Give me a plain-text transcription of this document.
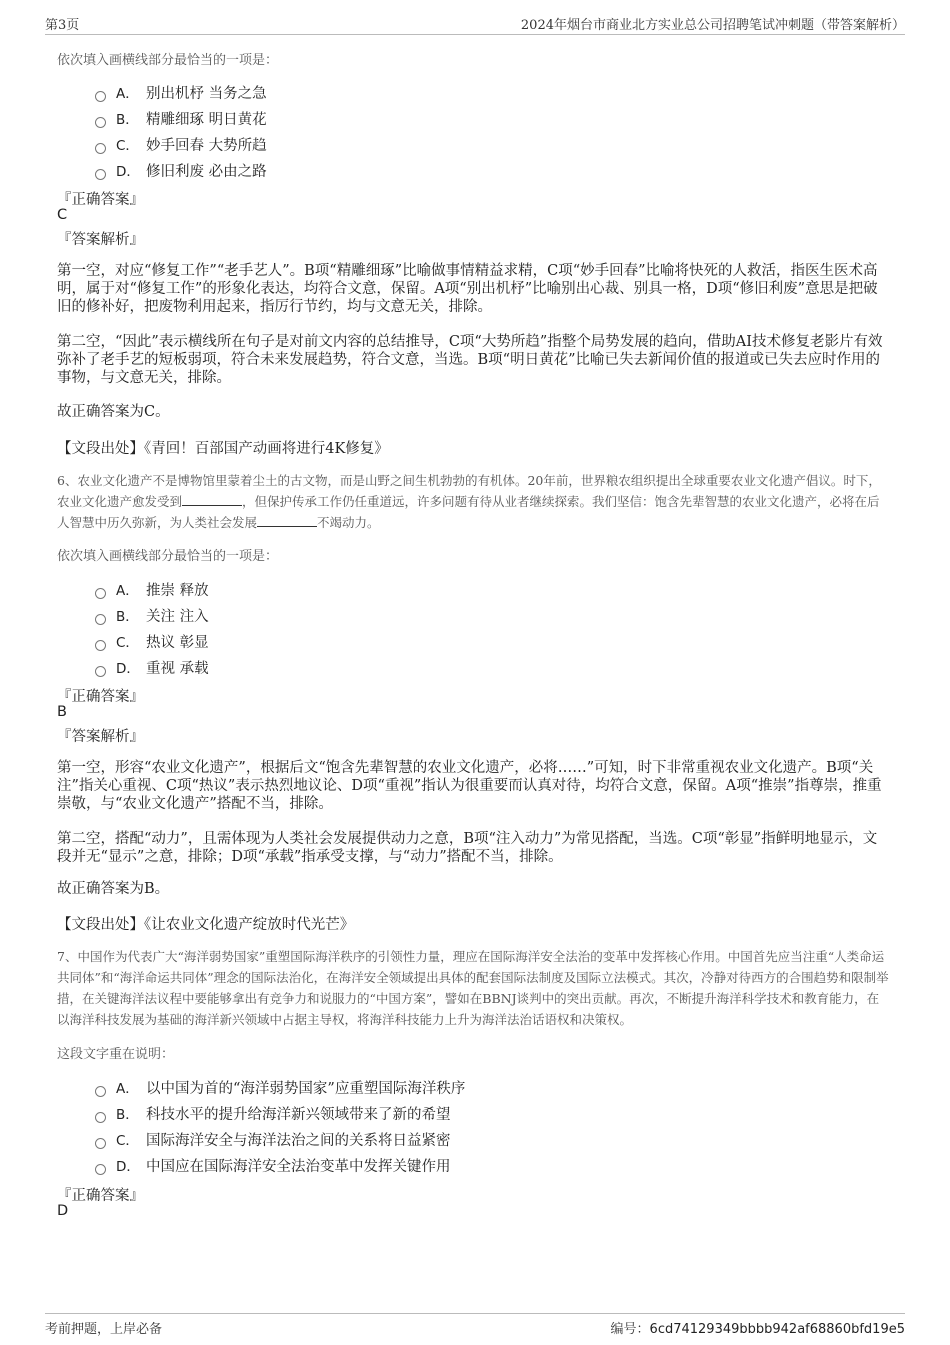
第3页	2024年烟台市商业北方实业总公司招聘笔试冲刺题（带答案解析）
依次填入画横线部分最恰当的一项是：
A． 别出机杼 当务之急
B． 精雕细琢 明日黄花
C． 妙手回春 大势所趋
D． 修旧利废 必由之路
『正确答案』
C
『答案解析』
第一空，对应“修复工作”“老手艺人”。B项“精雕细琢”比喻做事情精益求精，C项“妙手回春”比喻将快死的人救活，指医生医术高明，属于对“修复工作”的形象化表达，均符合文意，保留。A项“别出机杼”比喻别出心裁、别具一格，D项“修旧利废”意思是把破旧的修补好，把废物利用起来，指厉行节约，均与文意无关，排除。
第二空，“因此”表示横线所在句子是对前文内容的总结推导，C项“大势所趋”指整个局势发展的趋向，借助AI技术修复老影片有效弥补了老手艺的短板弱项，符合未来发展趋势，符合文意，当选。B项“明日黄花”比喻已失去新闻价值的报道或已失去应时作用的事物，与文意无关，排除。
故正确答案为C。
【文段出处】《青回！百部国产动画将进行4K修复》
6、农业文化遗产不是博物馆里蒙着尘土的古文物，而是山野之间生机勃勃的有机体。20年前，世界粮农组织提出全球重要农业文化遗产倡议。时下，农业文化遗产愈发受到	，但保护传承工作仍任重道远，许多问题有待从业者继续探索。我们坚信：饱含先辈智慧的农业文化遗产，必将在后人智慧中历久弥新，为人类社会发展	不竭动力。
依次填入画横线部分最恰当的一项是：
A． 推崇 释放
B． 关注 注入
C． 热议 彰显
D． 重视 承载
『正确答案』
B
『答案解析』
第一空，形容“农业文化遗产”，根据后文“饱含先辈智慧的农业文化遗产，必将……”可知，时下非常重视农业文化遗产。B项“关注”指关心重视、C项“热议”表示热烈地议论、D项“重视”指认为很重要而认真对待，均符合文意，保留。A项“推崇”指尊崇，推重崇敬，与“农业文化遗产”搭配不当，排除。
第二空，搭配“动力”，且需体现为人类社会发展提供动力之意，B项“注入动力”为常见搭配，当选。C项“彰显”指鲜明地显示，文段并无“显示”之意，排除；D项“承载”指承受支撑，与“动力”搭配不当，排除。
故正确答案为B。
【文段出处】《让农业文化遗产绽放时代光芒》
7、中国作为代表广大“海洋弱势国家”重塑国际海洋秩序的引领性力量，理应在国际海洋安全法治的变革中发挥核心作用。中国首先应当注重“人类命运共同体”和“海洋命运共同体”理念的国际法治化，在海洋安全领域提出具体的配套国际法制度及国际立法模式。其次，冷静对待西方的合围趋势和限制举措，在关键海洋法议程中要能够拿出有竞争力和说服力的“中国方案”，譬如在BBNJ谈判中的突出贡献。再次，不断提升海洋科学技术和教育能力，在以海洋科技发展为基础的海洋新兴领域中占据主导权，将海洋科技能力上升为海洋法治话语权和决策权。
这段文字重在说明：
A． 以中国为首的“海洋弱势国家”应重塑国际海洋秩序
B． 科技水平的提升给海洋新兴领域带来了新的希望
C． 国际海洋安全与海洋法治之间的关系将日益紧密
D． 中国应在国际海洋安全法治变革中发挥关键作用
『正确答案』
D
考前押题，上岸必备	编号：6cd74129349bbbb942af68860bfd19e5
